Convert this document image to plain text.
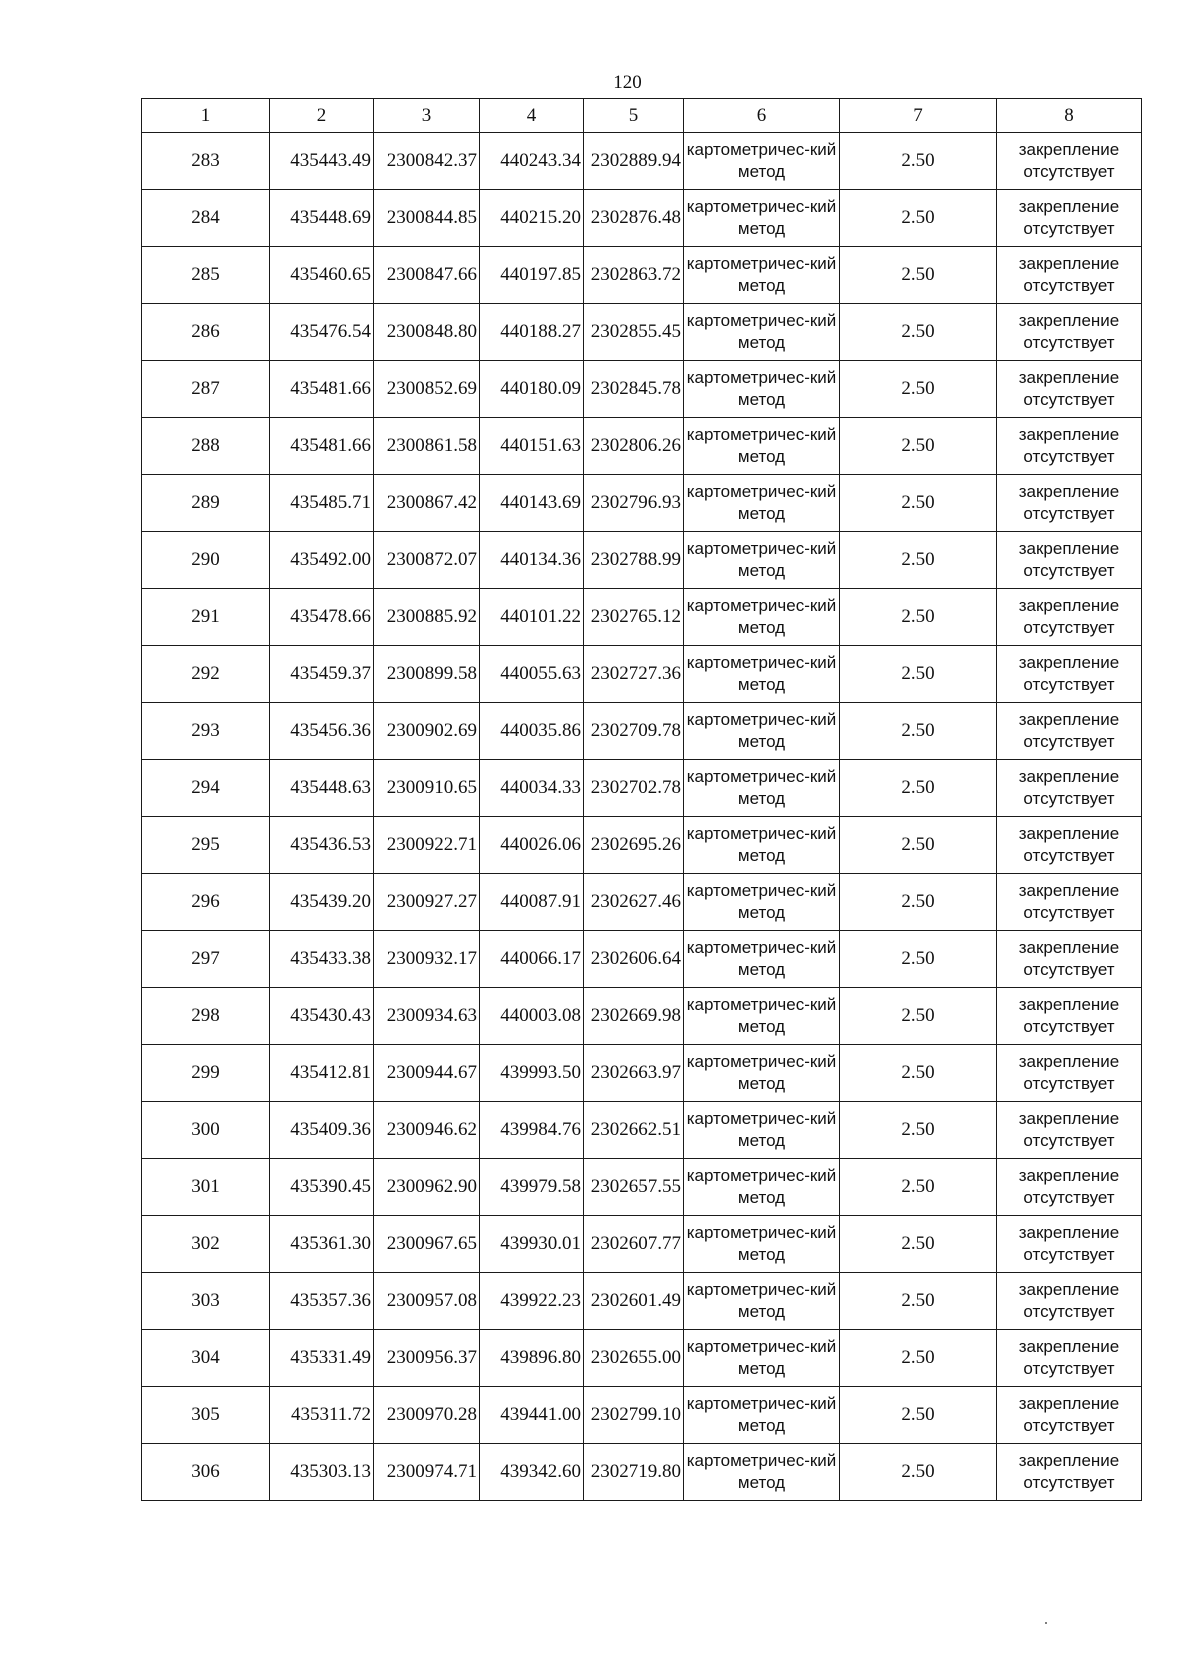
120
1	2	3	4	5	6	7	8
283	435443.49	2300842.37	440243.34	2302889.94	картометричес-кий метод	2.50	закрепление отсутствует
284	435448.69	2300844.85	440215.20	2302876.48	картометричес-кий метод	2.50	закрепление отсутствует
285	435460.65	2300847.66	440197.85	2302863.72	картометричес-кий метод	2.50	закрепление отсутствует
286	435476.54	2300848.80	440188.27	2302855.45	картометричес-кий метод	2.50	закрепление отсутствует
287	435481.66	2300852.69	440180.09	2302845.78	картометричес-кий метод	2.50	закрепление отсутствует
288	435481.66	2300861.58	440151.63	2302806.26	картометричес-кий метод	2.50	закрепление отсутствует
289	435485.71	2300867.42	440143.69	2302796.93	картометричес-кий метод	2.50	закрепление отсутствует
290	435492.00	2300872.07	440134.36	2302788.99	картометричес-кий метод	2.50	закрепление отсутствует
291	435478.66	2300885.92	440101.22	2302765.12	картометричес-кий метод	2.50	закрепление отсутствует
292	435459.37	2300899.58	440055.63	2302727.36	картометричес-кий метод	2.50	закрепление отсутствует
293	435456.36	2300902.69	440035.86	2302709.78	картометричес-кий метод	2.50	закрепление отсутствует
294	435448.63	2300910.65	440034.33	2302702.78	картометричес-кий метод	2.50	закрепление отсутствует
295	435436.53	2300922.71	440026.06	2302695.26	картометричес-кий метод	2.50	закрепление отсутствует
296	435439.20	2300927.27	440087.91	2302627.46	картометричес-кий метод	2.50	закрепление отсутствует
297	435433.38	2300932.17	440066.17	2302606.64	картометричес-кий метод	2.50	закрепление отсутствует
298	435430.43	2300934.63	440003.08	2302669.98	картометричес-кий метод	2.50	закрепление отсутствует
299	435412.81	2300944.67	439993.50	2302663.97	картометричес-кий метод	2.50	закрепление отсутствует
300	435409.36	2300946.62	439984.76	2302662.51	картометричес-кий метод	2.50	закрепление отсутствует
301	435390.45	2300962.90	439979.58	2302657.55	картометричес-кий метод	2.50	закрепление отсутствует
302	435361.30	2300967.65	439930.01	2302607.77	картометричес-кий метод	2.50	закрепление отсутствует
303	435357.36	2300957.08	439922.23	2302601.49	картометричес-кий метод	2.50	закрепление отсутствует
304	435331.49	2300956.37	439896.80	2302655.00	картометричес-кий метод	2.50	закрепление отсутствует
305	435311.72	2300970.28	439441.00	2302799.10	картометричес-кий метод	2.50	закрепление отсутствует
306	435303.13	2300974.71	439342.60	2302719.80	картометричес-кий метод	2.50	закрепление отсутствует
